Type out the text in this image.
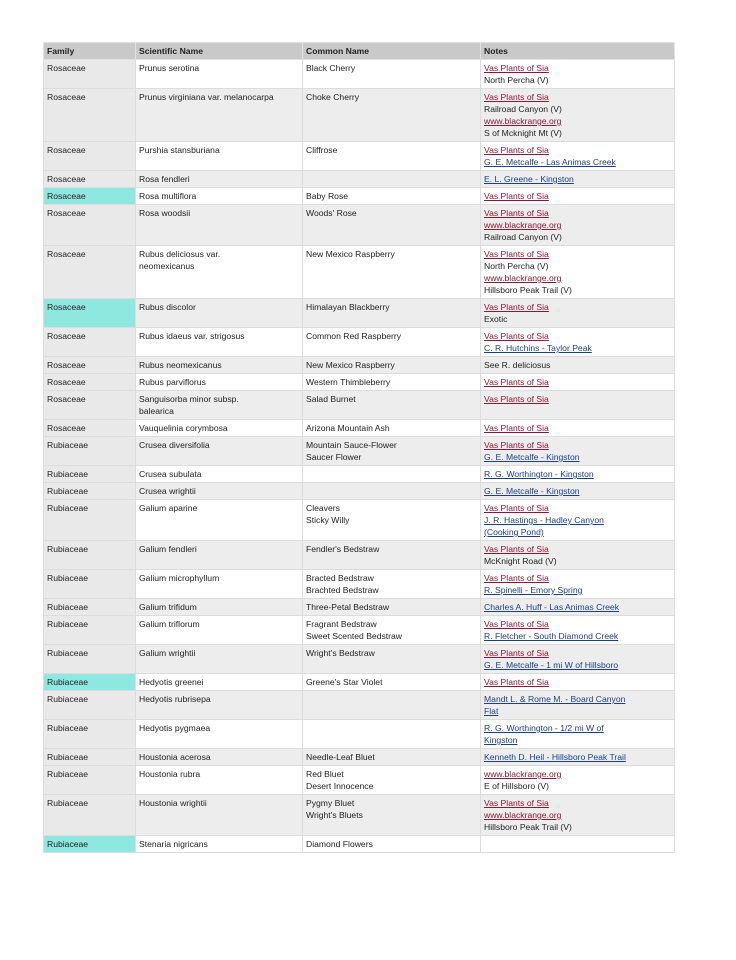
Family	Scientific Name	Common Name	Notes
Rosaceae	Prunus serotina	Black Cherry	Vas Plants of Sia
North Percha (V)

Rosaceae	Prunus virginiana var. melanocarpa	Choke Cherry	Vas Plants of Sia
Railroad Canyon (V)
www.blackrange.org
S of Mcknight Mt (V)

Rosaceae	Purshia stansburiana	Cliffrose	Vas Plants of Sia
G. E. Metcalfe - Las Animas Creek

Rosaceae	Rosa fendleri		E. L. Greene - Kingston

Rosaceae	Rosa multiflora	Baby Rose	Vas Plants of Sia

Rosaceae	Rosa woodsii	Woods' Rose	Vas Plants of Sia
www.blackrange.org
Railroad Canyon (V)

Rosaceae	Rubus deliciosus var.
neomexicanus	New Mexico Raspberry	Vas Plants of Sia
North Percha (V)
www.blackrange.org
Hillsboro Peak Trail (V)

Rosaceae	Rubus discolor	Himalayan Blackberry	Vas Plants of Sia
Exotic

Rosaceae	Rubus idaeus var. strigosus	Common Red Raspberry	Vas Plants of Sia
C. R. Hutchins - Taylor Peak

Rosaceae	Rubus neomexicanus	New Mexico Raspberry	See R. deliciosus

Rosaceae	Rubus parviflorus	Western Thimbleberry	Vas Plants of Sia

Rosaceae	Sanguisorba minor subsp.
balearica	Salad Burnet	Vas Plants of Sia

Rosaceae	Vauquelinia corymbosa	Arizona Mountain Ash	Vas Plants of Sia

Rubiaceae	Crusea diversifolia	Mountain Sauce-Flower
Saucer Flower	Vas Plants of Sia
G. E. Metcalfe - Kingston

Rubiaceae	Crusea subulata		R. G. Worthington - Kingston

Rubiaceae	Crusea wrightii		G. E. Metcalfe - Kingston

Rubiaceae	Galium aparine	Cleavers
Sticky Willy	Vas Plants of Sia
J. R. Hastings - Hadley Canyon
(Cooking Pond)

Rubiaceae	Galium fendleri	Fendler's Bedstraw	Vas Plants of Sia
McKnight Road (V)

Rubiaceae	Galium microphyllum	Bracted Bedstraw
Brachted Bedstraw	Vas Plants of Sia
R. Spinelli - Emory Spring

Rubiaceae	Galium trifidum	Three-Petal Bedstraw	Charles A. Huff - Las Animas Creek

Rubiaceae	Galium triflorum	Fragrant Bedstraw
Sweet Scented Bedstraw	Vas Plants of Sia
R. Fletcher - South Diamond Creek

Rubiaceae	Galium wrightii	Wright's Bedstraw	Vas Plants of Sia
G. E. Metcalfe - 1 mi W of Hillsboro

Rubiaceae	Hedyotis greenei	Greene's Star Violet	Vas Plants of Sia

Rubiaceae	Hedyotis rubrisepa		Mandt L. & Rome M. - Board Canyon
Flat

Rubiaceae	Hedyotis pygmaea		R. G. Worthington - 1/2 mi W of
Kingston

Rubiaceae	Houstonia acerosa	Needle-Leaf Bluet	Kenneth D. Heil - Hillsboro Peak Trail

Rubiaceae	Houstonia rubra	Red Bluet
Desert Innocence	www.blackrange.org
E of Hillsboro (V)

Rubiaceae	Houstonia wrightii	Pygmy Bluet
Wright's Bluets	Vas Plants of Sia
www.blackrange.org
Hillsboro Peak Trail (V)

Rubiaceae	Stenaria nigricans	Diamond Flowers	
